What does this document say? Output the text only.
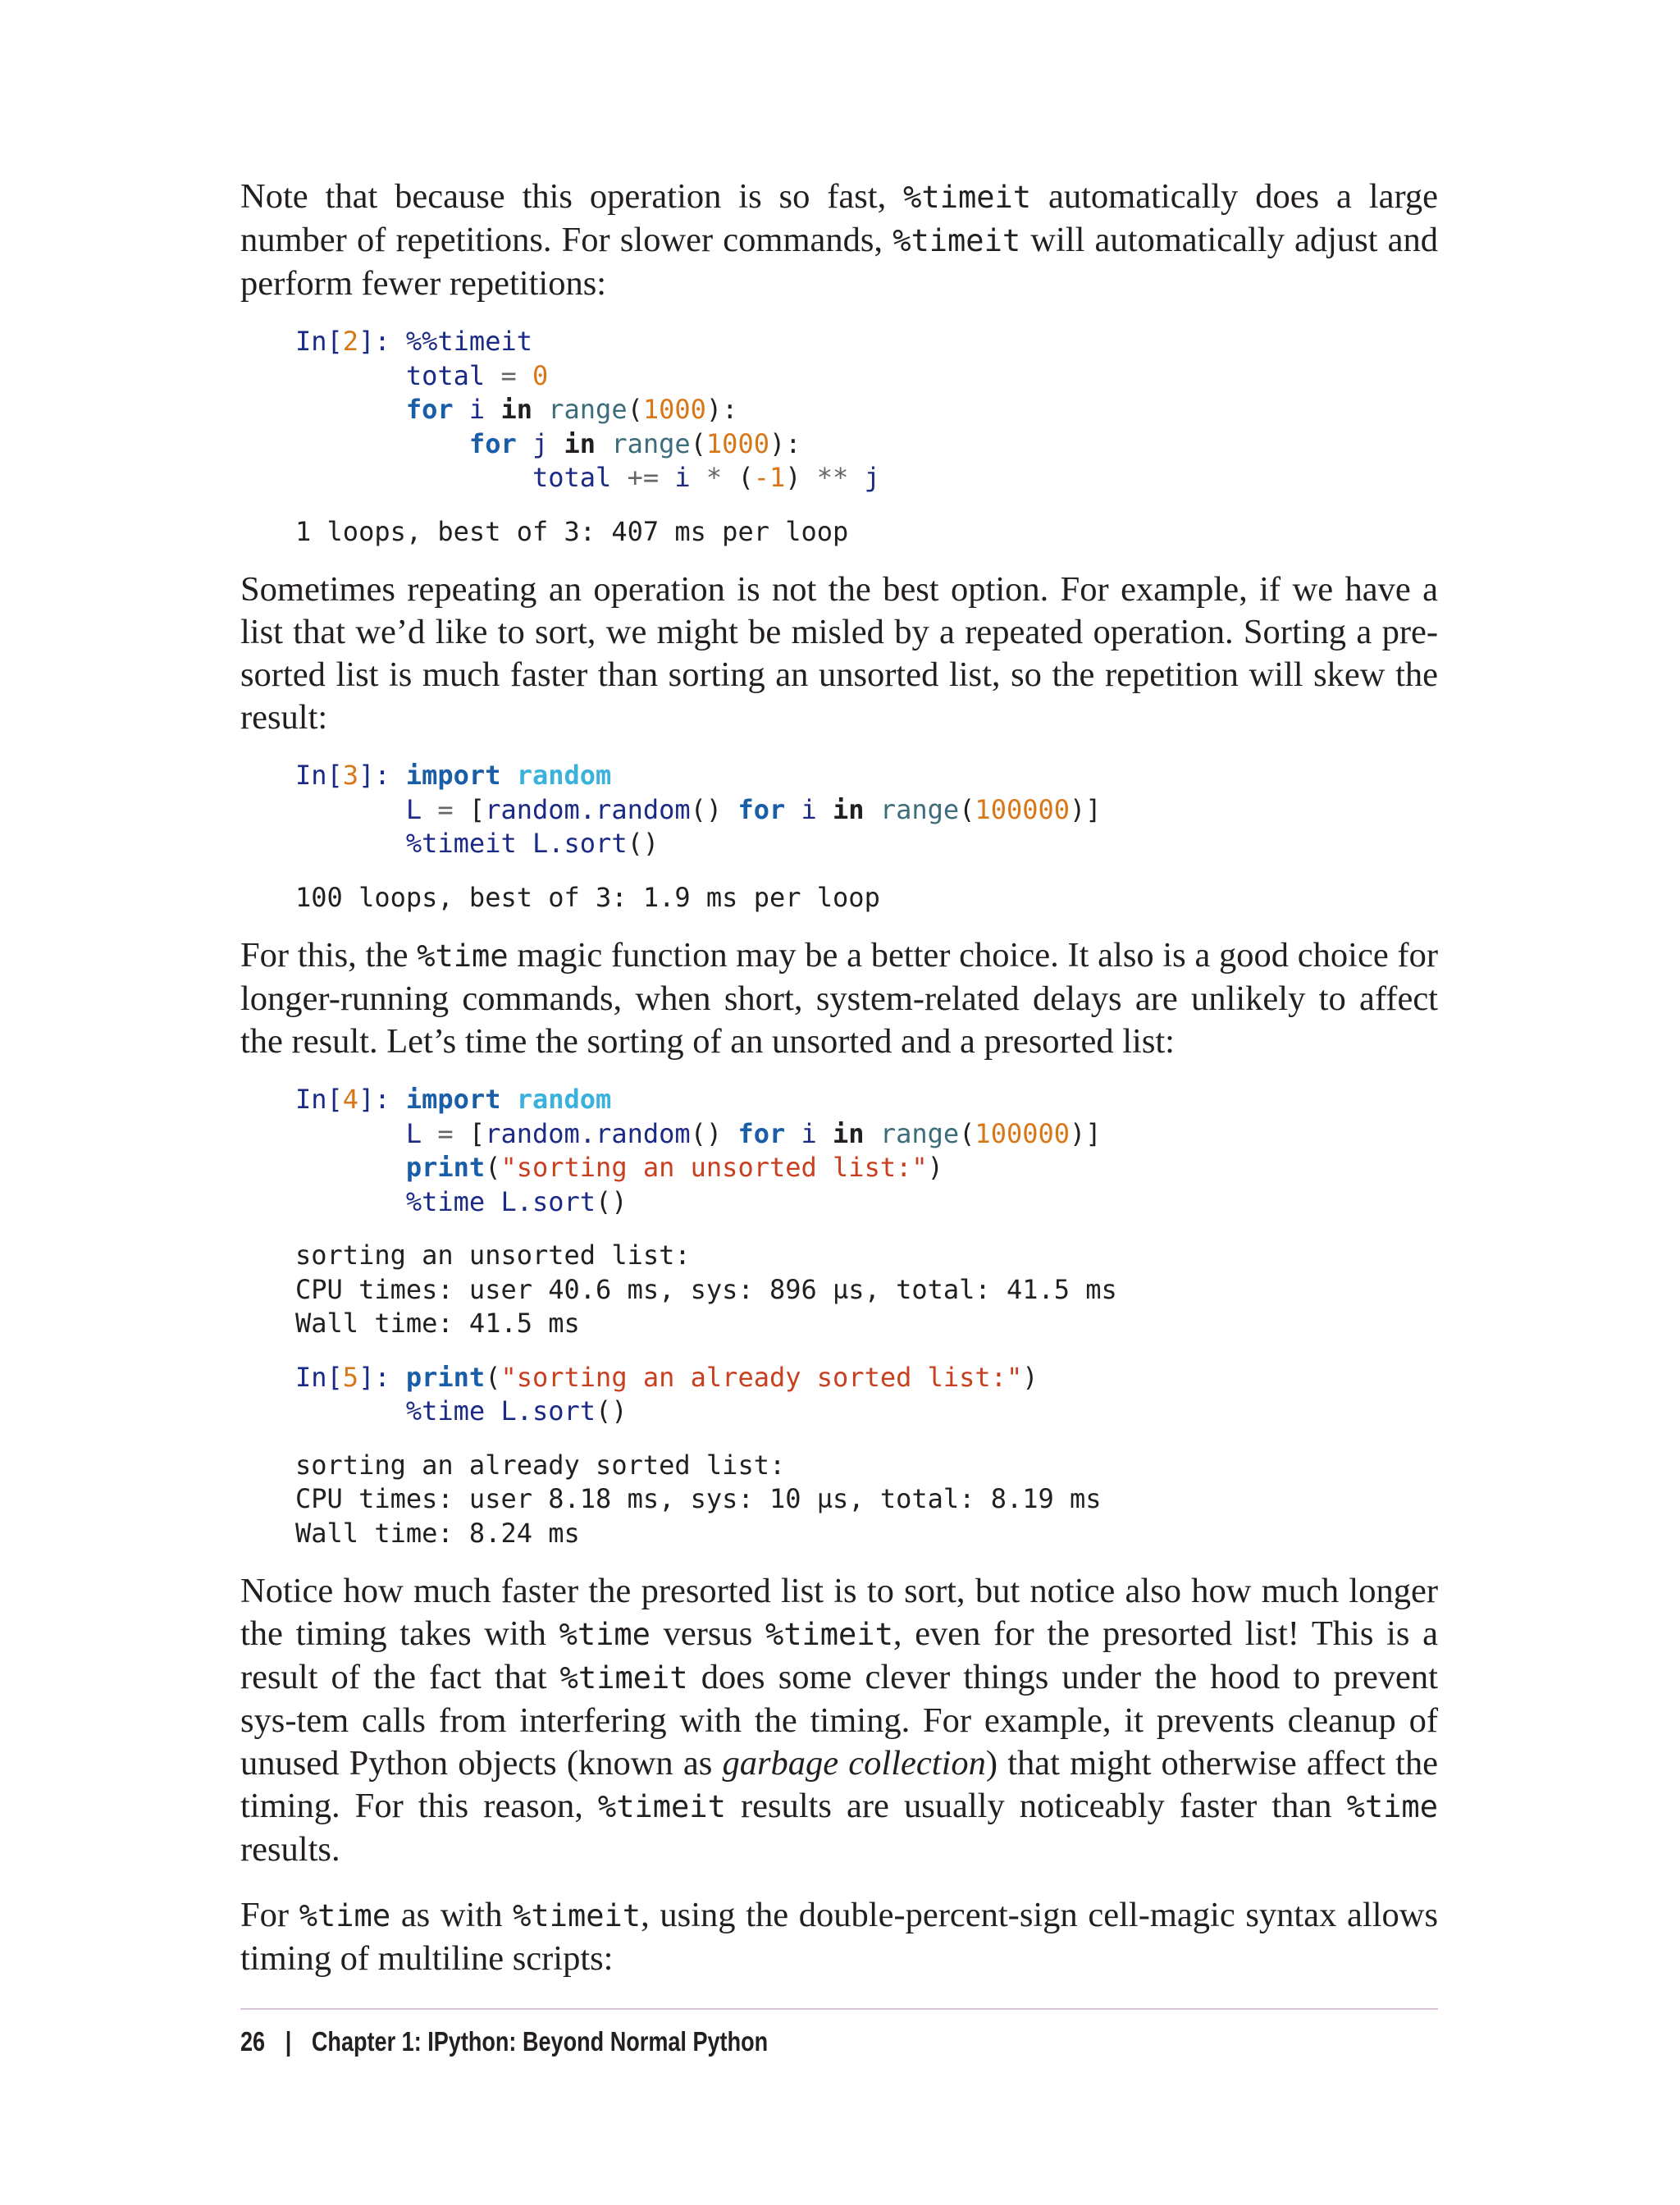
Note that because this operation is so fast, %timeit automatically does a large number of repetitions. For slower commands, %timeit will automatically adjust and perform fewer repetitions:

In[2]: %%timeit
total = 0
for i in range(1000):
for j in range(1000):
total += i * (-1) ** j
1 loops, best of 3: 407 ms per loop

Sometimes repeating an operation is not the best option. For example, if we have a list that we’d like to sort, we might be misled by a repeated operation. Sorting a pre-sorted list is much faster than sorting an unsorted list, so the repetition will skew the result:

In[3]: import random
L = [random.random() for i in range(100000)]
%timeit L.sort()
100 loops, best of 3: 1.9 ms per loop

For this, the %time magic function may be a better choice. It also is a good choice for longer-running commands, when short, system-related delays are unlikely to affect the result. Let’s time the sorting of an unsorted and a presorted list:

In[4]: import random
L = [random.random() for i in range(100000)]
print("sorting an unsorted list:")
%time L.sort()
sorting an unsorted list:
CPU times: user 40.6 ms, sys: 896 µs, total: 41.5 ms
Wall time: 41.5 ms
In[5]: print("sorting an already sorted list:")
%time L.sort()
sorting an already sorted list:
CPU times: user 8.18 ms, sys: 10 µs, total: 8.19 ms
Wall time: 8.24 ms

Notice how much faster the presorted list is to sort, but notice also how much longer the timing takes with %time versus %timeit, even for the presorted list! This is a result of the fact that %timeit does some clever things under the hood to prevent sys-tem calls from interfering with the timing. For example, it prevents cleanup of unused Python objects (known as garbage collection) that might otherwise affect the timing. For this reason, %timeit results are usually noticeably faster than %time results.

For %time as with %timeit, using the double-percent-sign cell-magic syntax allows timing of multiline scripts:

26 | Chapter 1: IPython: Beyond Normal Python
